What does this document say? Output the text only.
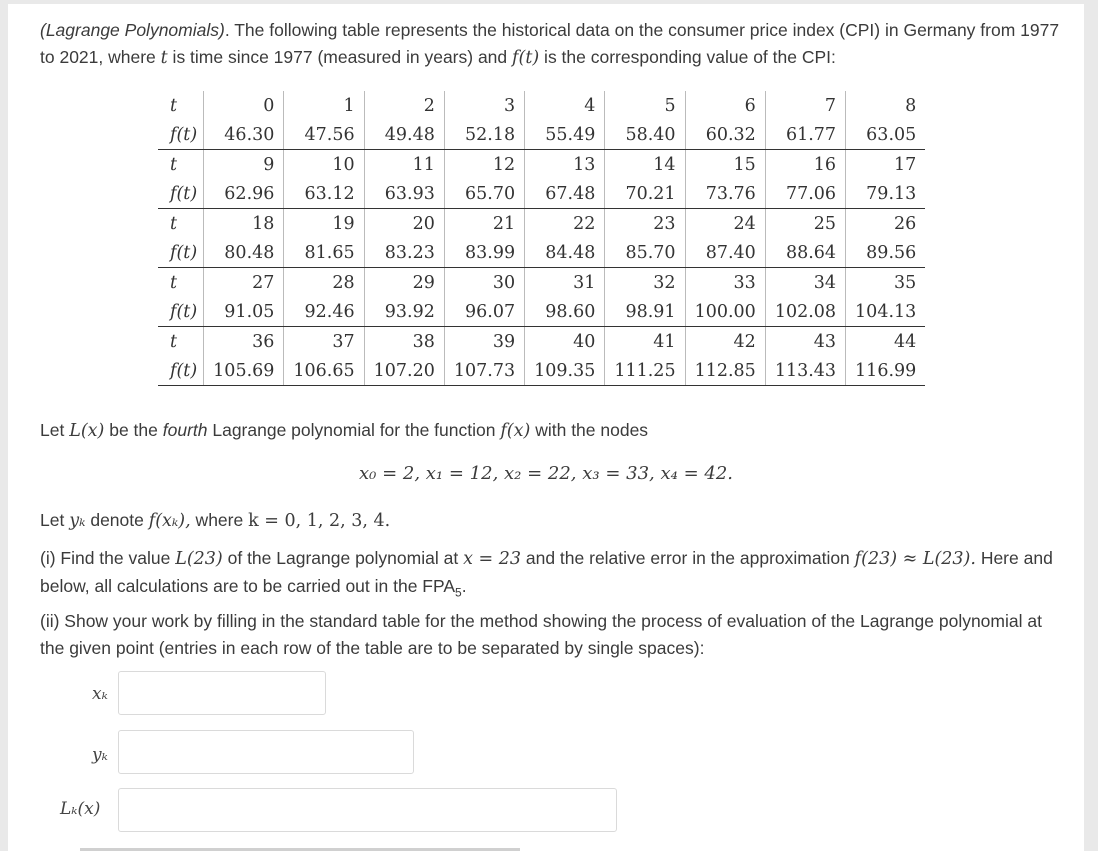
(Lagrange Polynomials). The following table represents the historical data on the consumer price index (CPI) in Germany from 1977 to 2021, where t is time since 1977 (measured in years) and f(t) is the corresponding value of the CPI:
t	0	1	2	3	4	5	6	7	8
f(t)	46.30	47.56	49.48	52.18	55.49	58.40	60.32	61.77	63.05
t	9	10	11	12	13	14	15	16	17
f(t)	62.96	63.12	63.93	65.70	67.48	70.21	73.76	77.06	79.13
t	18	19	20	21	22	23	24	25	26
f(t)	80.48	81.65	83.23	83.99	84.48	85.70	87.40	88.64	89.56
t	27	28	29	30	31	32	33	34	35
f(t)	91.05	92.46	93.92	96.07	98.60	98.91	100.00	102.08	104.13
t	36	37	38	39	40	41	42	43	44
f(t)	105.69	106.65	107.20	107.73	109.35	111.25	112.85	113.43	116.99
Let L(x) be the fourth Lagrange polynomial for the function f(x) with the nodes
x₀ = 2, x₁ = 12, x₂ = 22, x₃ = 33, x₄ = 42.
Let yₖ denote f(xₖ), where k = 0, 1, 2, 3, 4.
(i) Find the value L(23) of the Lagrange polynomial at x = 23 and the relative error in the approximation f(23) ≈ L(23). Here and below, all calculations are to be carried out in the $FPA_5$.
(ii) Show your work by filling in the standard table for the method showing the process of evaluation of the Lagrange polynomial at the given point (entries in each row of the table are to be separated by single spaces):
xₖ
yₖ
Lₖ(x)
